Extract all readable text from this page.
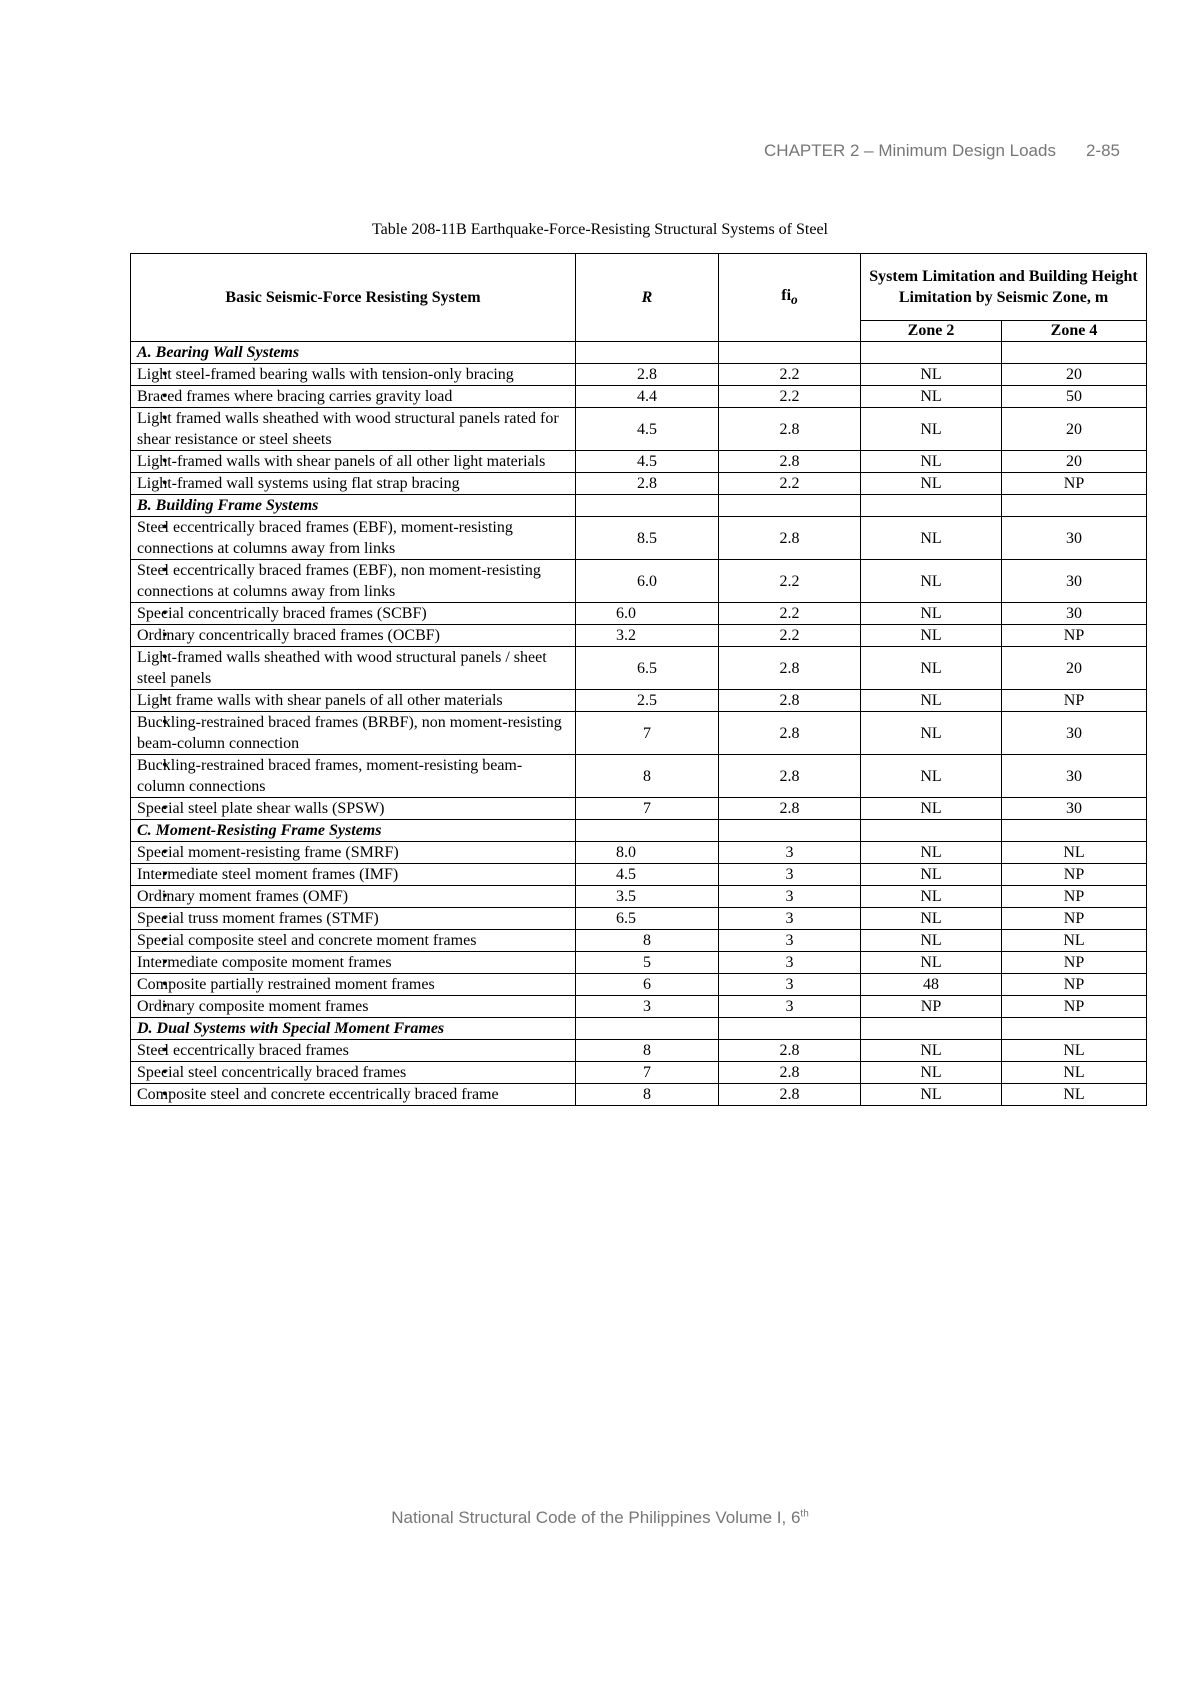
CHAPTER 2 – Minimum Design Loads 2-85
Table 208-11B Earthquake-Force-Resisting Structural Systems of Steel
Basic Seismic-Force Resisting System	R	$fi_o$	System Limitation and Building Height Limitation by Seismic Zone, m	
			Zone 2	Zone 4
A. Bearing Wall Systems				
• Light steel-framed bearing walls with tension-only bracing	2.8	2.2	NL	20
• Braced frames where bracing carries gravity load	4.4	2.2	NL	50
• Light framed walls sheathed with wood structural panels rated for shear resistance or steel sheets	4.5	2.8	NL	20
• Light-framed walls with shear panels of all other light materials	4.5	2.8	NL	20
• Light-framed wall systems using flat strap bracing	2.8	2.2	NL	NP
B. Building Frame Systems				
• Steel eccentrically braced frames (EBF), moment-resisting connections at columns away from links	8.5	2.8	NL	30
• Steel eccentrically braced frames (EBF), non moment-resisting connections at columns away from links	6.0	2.2	NL	30
• Special concentrically braced frames (SCBF)	6.0	2.2	NL	30
• Ordinary concentrically braced frames (OCBF)	3.2	2.2	NL	NP
• Light-framed walls sheathed with wood structural panels / sheet steel panels	6.5	2.8	NL	20
• Light frame walls with shear panels of all other materials	2.5	2.8	NL	NP
• Buckling-restrained braced frames (BRBF), non moment-resisting beam-column connection	7	2.8	NL	30
• Buckling-restrained braced frames, moment-resisting beam-column connections	8	2.8	NL	30
• Special steel plate shear walls (SPSW)	7	2.8	NL	30
C. Moment-Resisting Frame Systems				
• Special moment-resisting frame (SMRF)	8.0	3	NL	NL
• Intermediate steel moment frames (IMF)	4.5	3	NL	NP
• Ordinary moment frames (OMF)	3.5	3	NL	NP
• Special truss moment frames (STMF)	6.5	3	NL	NP
• Special composite steel and concrete moment frames	8	3	NL	NL
• Intermediate composite moment frames	5	3	NL	NP
• Composite partially restrained moment frames	6	3	48	NP
• Ordinary composite moment frames	3	3	NP	NP
D. Dual Systems with Special Moment Frames				
• Steel eccentrically braced frames	8	2.8	NL	NL
• Special steel concentrically braced frames	7	2.8	NL	NL
• Composite steel and concrete eccentrically braced frame	8	2.8	NL	NL
National Structural Code of the Philippines Volume I, 6th
